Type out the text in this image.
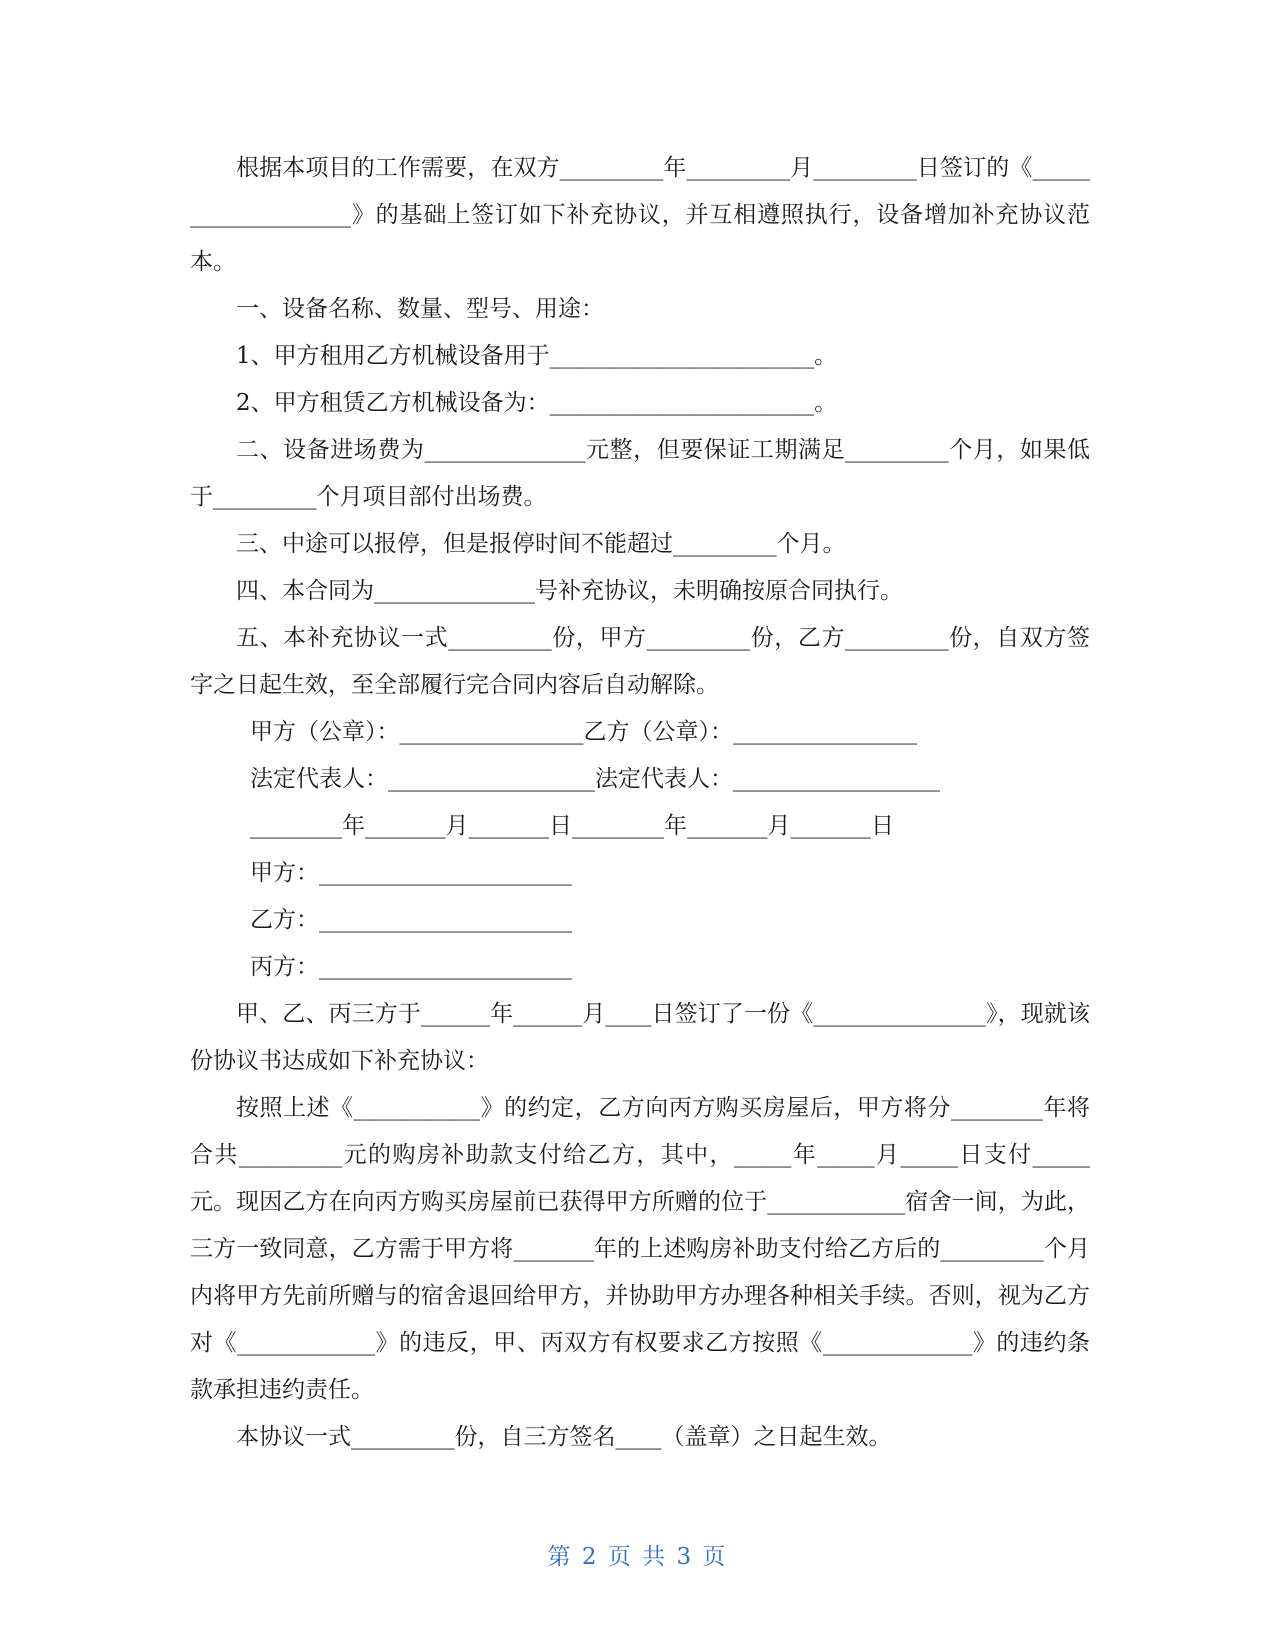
根据本项目的工作需要，在双方_________年_________月_________日签订的《___________________》的基础上签订如下补充协议，并互相遵照执行，设备增加补充协议范本。

一、设备名称、数量、型号、用途：

1、甲方租用乙方机械设备用于_______________________。

2、甲方租赁乙方机械设备为：_______________________。

二、设备进场费为______________元整，但要保证工期满足_________个月，如果低于_________个月项目部付出场费。

三、中途可以报停，但是报停时间不能超过_________个月。

四、本合同为______________号补充协议，未明确按原合同执行。

五、本补充协议一式_________份，甲方_________份，乙方_________份，自双方签字之日起生效，至全部履行完合同内容后自动解除。

甲方（公章）：________________乙方（公章）：________________

法定代表人：__________________法定代表人：__________________

________年_______月_______日________年_______月_______日

甲方：______________________

乙方：______________________

丙方：______________________

甲、乙、丙三方于______年______月____日签订了一份《_______________》，现就该份协议书达成如下补充协议：

按照上述《___________》的约定，乙方向丙方购买房屋后，甲方将分________年将合共_________元的购房补助款支付给乙方，其中，_____年_____月_____日支付_____元。现因乙方在向丙方购买房屋前已获得甲方所赠的位于____________宿舍一间，为此，三方一致同意，乙方需于甲方将_______年的上述购房补助支付给乙方后的_________个月内将甲方先前所赠与的宿舍退回给甲方，并协助甲方办理各种相关手续。否则，视为乙方对《____________》的违反，甲、丙双方有权要求乙方按照《_____________》的违约条款承担违约责任。

本协议一式_________份，自三方签名____（盖章）之日起生效。

第 2 页 共 3 页
